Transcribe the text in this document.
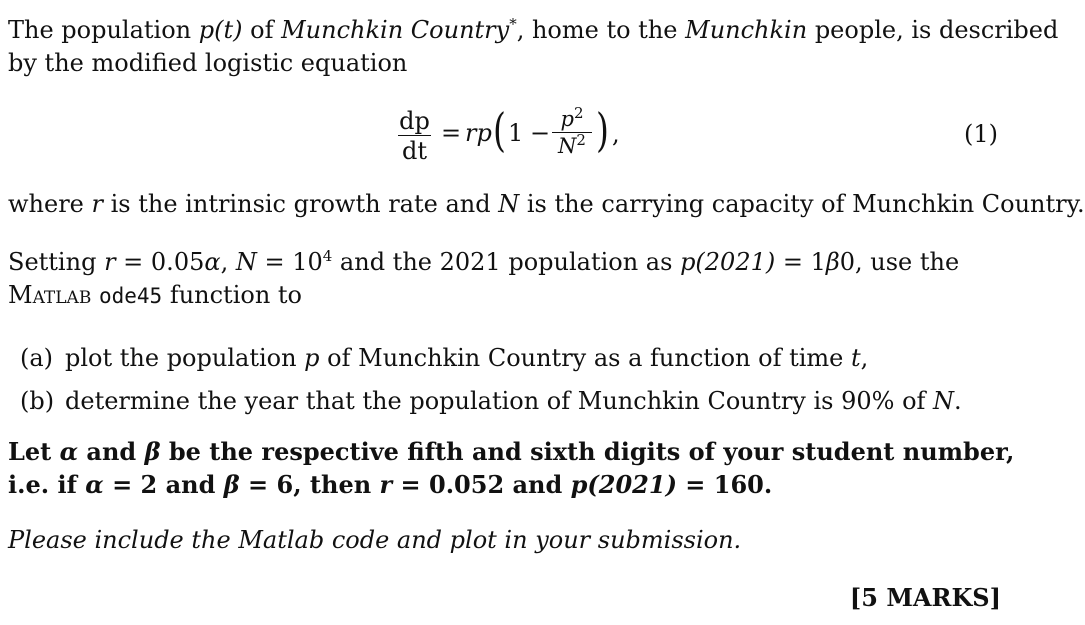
The population p(t) of Munchkin Country*, home to the Munchkin people, is described
by the modified logistic equation
dp
dt
= rp ( $1 - p^2$
$N^2$ ) ,	(1)
where r is the intrinsic growth rate and N is the carrying capacity of Munchkin Country.
Setting r = 0.05α, $N = 10^4$ and the 2021 population as p(2021) = 1β0, use the
Matlab ode45 function to
(a) plot the population p of Munchkin Country as a function of time t,
(b) determine the year that the population of Munchkin Country is 90% of N.
Let α and β be the respective fifth and sixth digits of your student number,
i.e. if α = 2 and β = 6, then r = 0.052 and p(2021) = 160.
Please include the Matlab code and plot in your submission.
[5 MARKS]
